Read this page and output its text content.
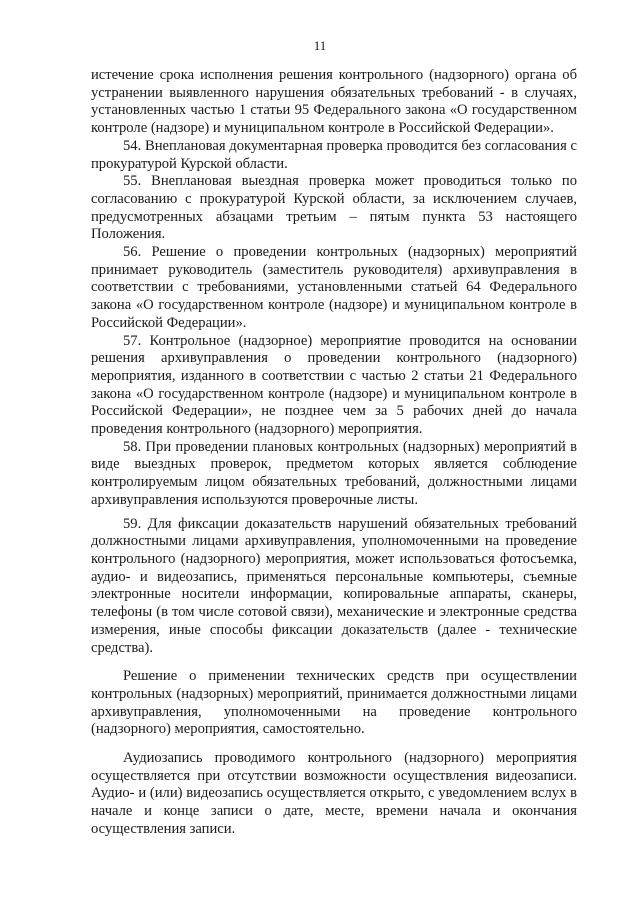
11

истечение срока исполнения решения контрольного (надзорного) органа об устранении выявленного нарушения обязательных требований - в случаях, установленных частью 1 статьи 95 Федерального закона «О государственном контроле (надзоре) и муниципальном контроле в Российской Федерации».

54. Внеплановая документарная проверка проводится без согласования с прокуратурой Курской области.

55. Внеплановая выездная проверка может проводиться только по согласованию с прокуратурой Курской области, за исключением случаев, предусмотренных абзацами третьим – пятым пункта 53 настоящего Положения.

56. Решение о проведении контрольных (надзорных) мероприятий принимает руководитель (заместитель руководителя) архивуправления в соответствии с требованиями, установленными статьей 64 Федерального закона «О государственном контроле (надзоре) и муниципальном контроле в Российской Федерации».

57. Контрольное (надзорное) мероприятие проводится на основании решения архивуправления о проведении контрольного (надзорного) мероприятия, изданного в соответствии с частью 2 статьи 21 Федерального закона «О государственном контроле (надзоре) и муниципальном контроле в Российской Федерации», не позднее чем за 5 рабочих дней до начала проведения контрольного (надзорного) мероприятия.

58. При проведении плановых контрольных (надзорных) мероприятий в виде выездных проверок, предметом которых является соблюдение контролируемым лицом обязательных требований, должностными лицами архивуправления используются проверочные листы.

59. Для фиксации доказательств нарушений обязательных требований должностными лицами архивуправления, уполномоченными на проведение контрольного (надзорного) мероприятия, может использоваться фотосъемка, аудио- и видеозапись, применяться персональные компьютеры, съемные электронные носители информации, копировальные аппараты, сканеры, телефоны (в том числе сотовой связи), механические и электронные средства измерения, иные способы фиксации доказательств (далее - технические средства).

Решение о применении технических средств при осуществлении контрольных (надзорных) мероприятий, принимается должностными лицами архивуправления, уполномоченными на проведение контрольного (надзорного) мероприятия, самостоятельно.

Аудиозапись проводимого контрольного (надзорного) мероприятия осуществляется при отсутствии возможности осуществления видеозаписи. Аудио- и (или) видеозапись осуществляется открыто, с уведомлением вслух в начале и конце записи о дате, месте, времени начала и окончания осуществления записи.
